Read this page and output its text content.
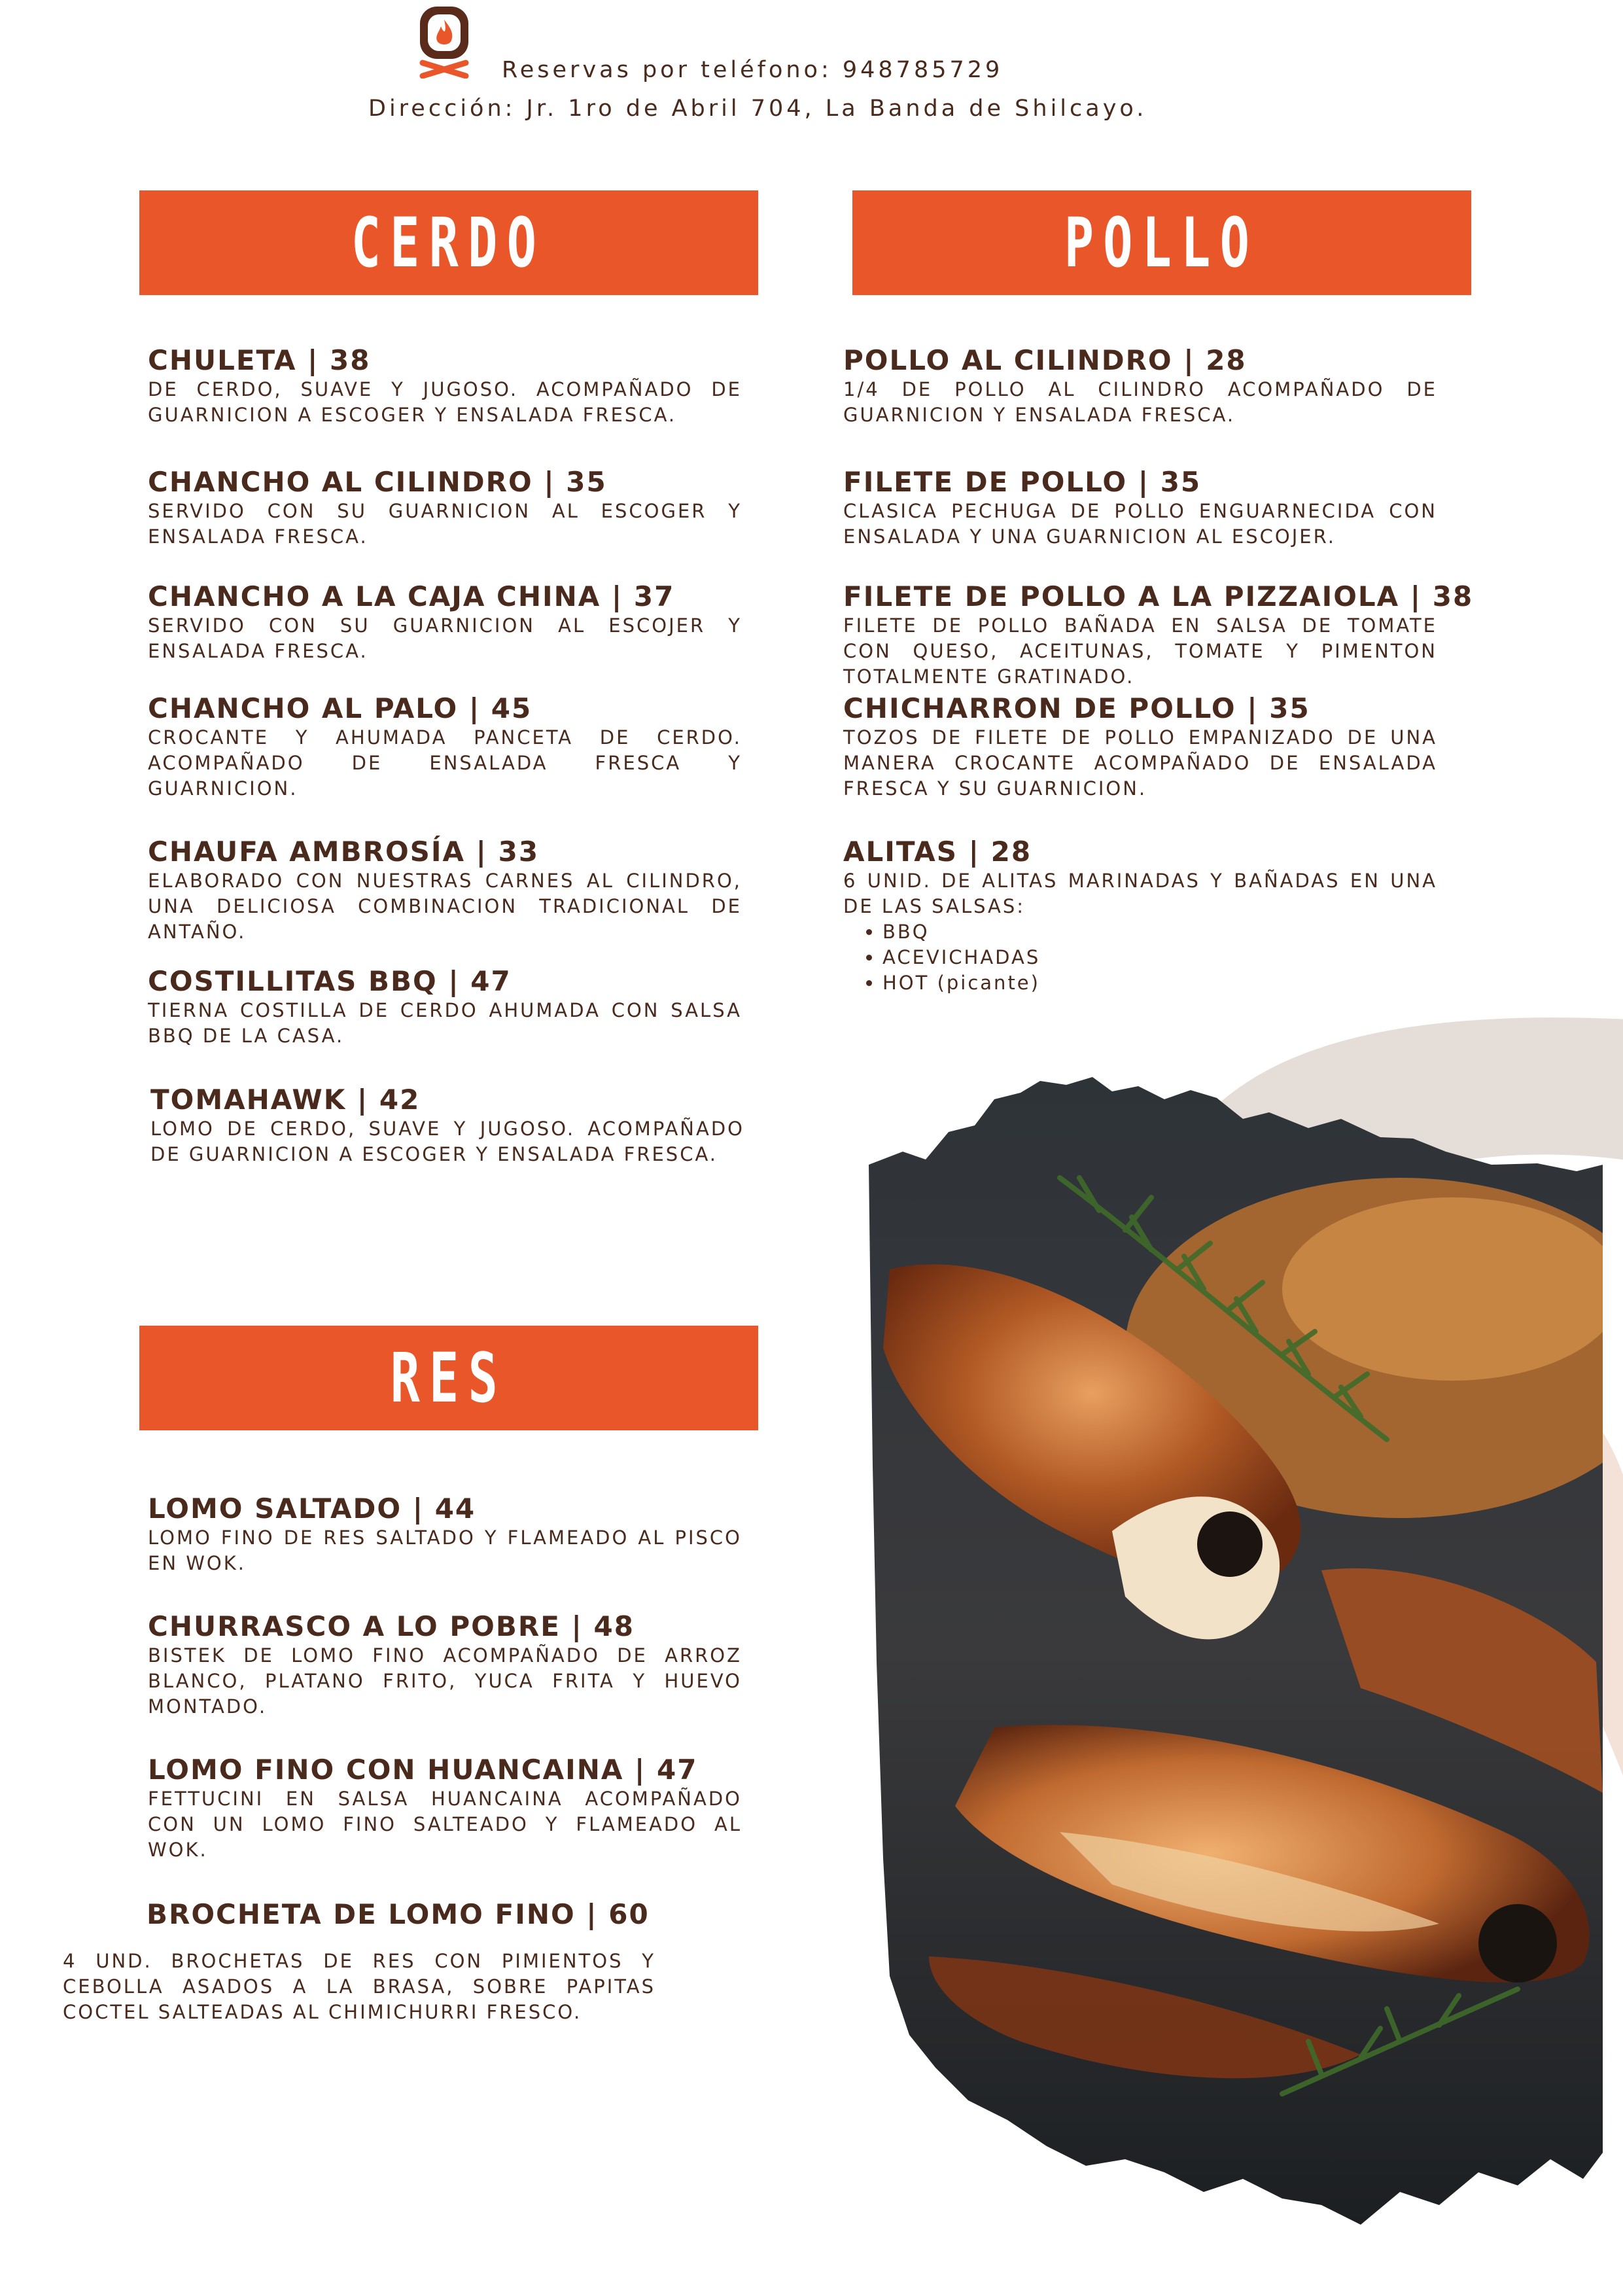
Reservas por teléfono: 948785729
Dirección: Jr. 1ro de Abril 704, La Banda de Shilcayo.
CERDO
CHULETA | 38

DE CERDO, SUAVE Y JUGOSO. ACOMPAÑADO DE GUARNICION A ESCOGER Y ENSALADA FRESCA.

CHANCHO AL CILINDRO | 35

SERVIDO CON SU GUARNICION AL ESCOGER Y ENSALADA FRESCA.

CHANCHO A LA CAJA CHINA | 37

SERVIDO CON SU GUARNICION AL ESCOJER Y ENSALADA FRESCA.

CHANCHO AL PALO | 45

CROCANTE Y AHUMADA PANCETA DE CERDO. ACOMPAÑADO DE ENSALADA FRESCA Y GUARNICION.

CHAUFA AMBROSÍA | 33

ELABORADO CON NUESTRAS CARNES AL CILINDRO, UNA DELICIOSA COMBINACION TRADICIONAL DE ANTAÑO.

COSTILLITAS BBQ | 47

TIERNA COSTILLA DE CERDO AHUMADA CON SALSA BBQ DE LA CASA.

TOMAHAWK | 42

LOMO DE CERDO, SUAVE Y JUGOSO. ACOMPAÑADO DE GUARNICION A ESCOGER Y ENSALADA FRESCA.

POLLO
POLLO AL CILINDRO | 28

1/4 DE POLLO AL CILINDRO ACOMPAÑADO DE GUARNICION Y ENSALADA FRESCA.

FILETE DE POLLO | 35

CLASICA PECHUGA DE POLLO ENGUARNECIDA CON ENSALADA Y UNA GUARNICION AL ESCOJER.

FILETE DE POLLO A LA PIZZAIOLA | 38

FILETE DE POLLO BAÑADA EN SALSA DE TOMATE CON QUESO, ACEITUNAS, TOMATE Y PIMENTON TOTALMENTE GRATINADO.

CHICHARRON DE POLLO | 35

TOZOS DE FILETE DE POLLO EMPANIZADO DE UNA MANERA CROCANTE ACOMPAÑADO DE ENSALADA FRESCA Y SU GUARNICION.

ALITAS | 28

6 UNID. DE ALITAS MARINADAS Y BAÑADAS EN UNA DE LAS SALSAS:

• BBQ
• ACEVICHADAS
• HOT (picante)
RES
LOMO SALTADO | 44

LOMO FINO DE RES SALTADO Y FLAMEADO AL PISCO EN WOK.

CHURRASCO A LO POBRE | 48

BISTEK DE LOMO FINO ACOMPAÑADO DE ARROZ BLANCO, PLATANO FRITO, YUCA FRITA Y HUEVO MONTADO.

LOMO FINO CON HUANCAINA | 47

FETTUCINI EN SALSA HUANCAINA ACOMPAÑADO CON UN LOMO FINO SALTEADO Y FLAMEADO AL WOK.

BROCHETA DE LOMO FINO | 60

4 UND. BROCHETAS DE RES CON PIMIENTOS Y CEBOLLA ASADOS A LA BRASA, SOBRE PAPITAS COCTEL SALTEADAS AL CHIMICHURRI FRESCO.
